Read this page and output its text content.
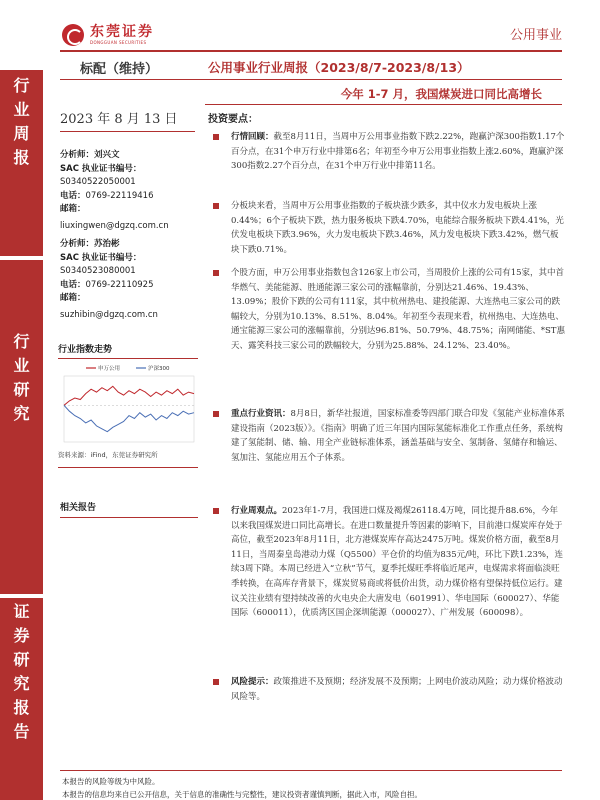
东莞证券
DONGGUAN SECURITIES	公用事业
行
业
周
报
行
业
研
究
证
券
研
究
报
告
标配（维持）	公用事业行业周报（2023/8/7-2023/8/13）
今年 1-7 月，我国煤炭进口同比高增长
2023 年 8 月 13 日
分析师：刘兴文
SAC 执业证书编号：
S0340522050001
电话：0769-22119416
邮箱：
liuxingwen@dgzq.com.cn
分析师：苏治彬
SAC 执业证书编号：
S0340523080001
电话：0769-22110925
邮箱：
suzhibin@dgzq.com.cn
行业指数走势
申万公用	沪深300
资料来源：iFind，东莞证券研究所
相关报告
投资要点：
行情回顾：截至8月11日，当周申万公用事业指数下跌2.22%，跑赢沪深300指数1.17个百分点，在31个申万行业中排第6名；年初至今申万公用事业指数上涨2.60%，跑赢沪深300指数2.27个百分点，在31个申万行业中排第11名。
分板块来看，当周申万公用事业指数的子板块涨少跌多，其中仪水力发电板块上涨0.44%；6个子板块下跌，热力服务板块下跌4.70%，电能综合服务板块下跌4.41%，光伏发电板块下跌3.96%，火力发电板块下跌3.46%，风力发电板块下跌3.42%，燃气板块下跌0.71%。
个股方面，申万公用事业指数包含126家上市公司，当周股价上涨的公司有15家，其中首华燃气、美能能源、胜通能源三家公司的涨幅靠前，分别达21.46%、19.43%、13.09%；股价下跌的公司有111家，其中杭州热电、建投能源、大连热电三家公司的跌幅较大，分别为10.13%、8.51%、8.04%。年初至今表现来看，杭州热电、大连热电、通宝能源三家公司的涨幅靠前，分别达96.81%、50.79%、48.75%；南网储能、*ST惠天、露笑科技三家公司的跌幅较大，分别为25.88%、24.12%、23.40%。
重点行业资讯：8月8日，新华社报道，国家标准委等四部门联合印发《氢能产业标准体系建设指南（2023版）》。《指南》明确了近三年国内国际氢能标准化工作重点任务，系统构建了氢能制、储、输、用全产业链标准体系，涵盖基础与安全、氢制备、氢储存和输运、氢加注、氢能应用五个子体系。
行业周观点。2023年1-7月，我国进口煤及褐煤26118.4万吨，同比提升88.6%，今年以来我国煤炭进口同比高增长。在进口数量提升等因素的影响下，目前港口煤炭库存处于高位，截至2023年8月11日，北方港煤炭库存高达2475万吨。煤炭价格方面，截至8月11日，当周秦皇岛港动力煤（Q5500）平仓价的均值为835元/吨，环比下跌1.23%，连续3周下降。本周已经进入“立秋”节气，夏季托煤旺季将临近尾声，电煤需求将面临淡旺季转换，在高库存背景下，煤炭贸易商或将低价出货，动力煤价格有望保持低位运行。建议关注业绩有望持续改善的火电央企大唐发电（601991）、华电国际（600027）、华能国际（600011），优质湾区国企深圳能源（000027）、广州发展（600098）。
风险提示：政策推进不及预期；经济发展不及预期；上网电价波动风险；动力煤价格波动风险等。
本报告的风险等级为中风险。
本报告的信息均来自已公开信息，关于信息的准确性与完整性，建议投资者谨慎判断，据此入市，风险自担。
